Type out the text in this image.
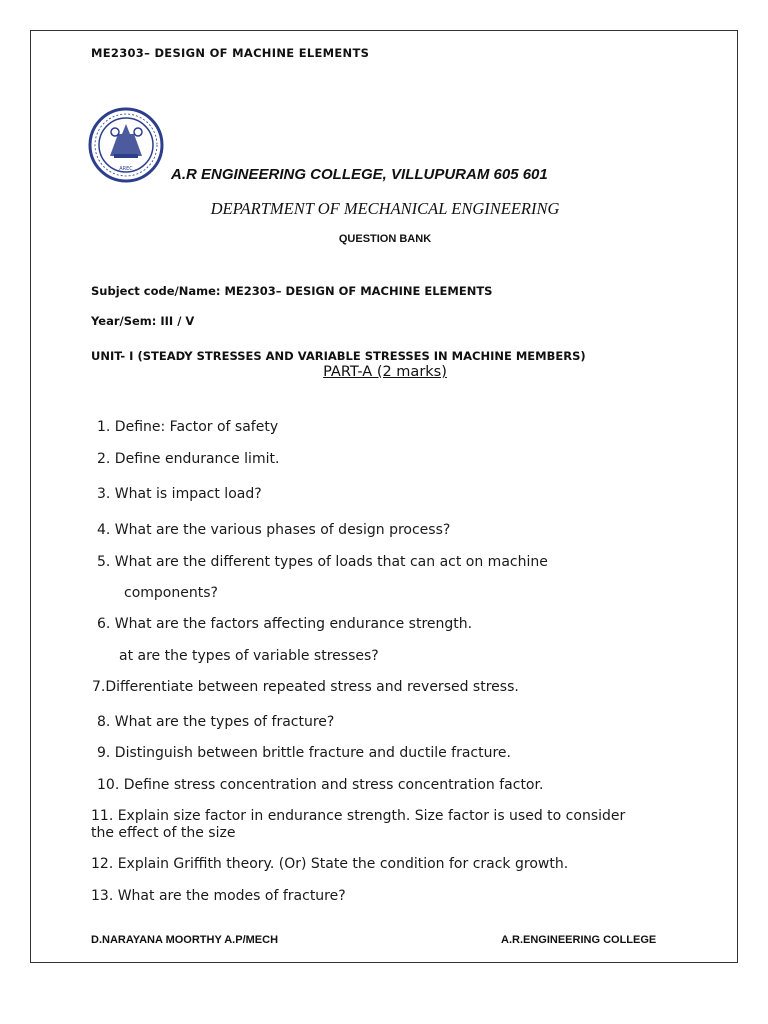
ME2303– DESIGN OF MACHINE ELEMENTS
AREC	A.R ENGINEERING COLLEGE, VILLUPURAM 605 601
DEPARTMENT OF MECHANICAL ENGINEERING
QUESTION BANK
Subject code/Name: ME2303– DESIGN OF MACHINE ELEMENTS
Year/Sem: III / V
UNIT- I (STEADY STRESSES AND VARIABLE STRESSES IN MACHINE MEMBERS)
PART-A (2 marks)
1. Define: Factor of safety
2. Define endurance limit.
3. What is impact load?
4. What are the various phases of design process?
5. What are the different types of loads that can act on machine
components?
6. What are the factors affecting endurance strength.
at are the types of variable stresses?
7.Differentiate between repeated stress and reversed stress.
8. What are the types of fracture?
9. Distinguish between brittle fracture and ductile fracture.
10. Define stress concentration and stress concentration factor.
11. Explain size factor in endurance strength. Size factor is used to consider the effect of the size
12. Explain Griffith theory. (Or) State the condition for crack growth.
13. What are the modes of fracture?
D.NARAYANA MOORTHY A.P/MECH	A.R.ENGINEERING COLLEGE
